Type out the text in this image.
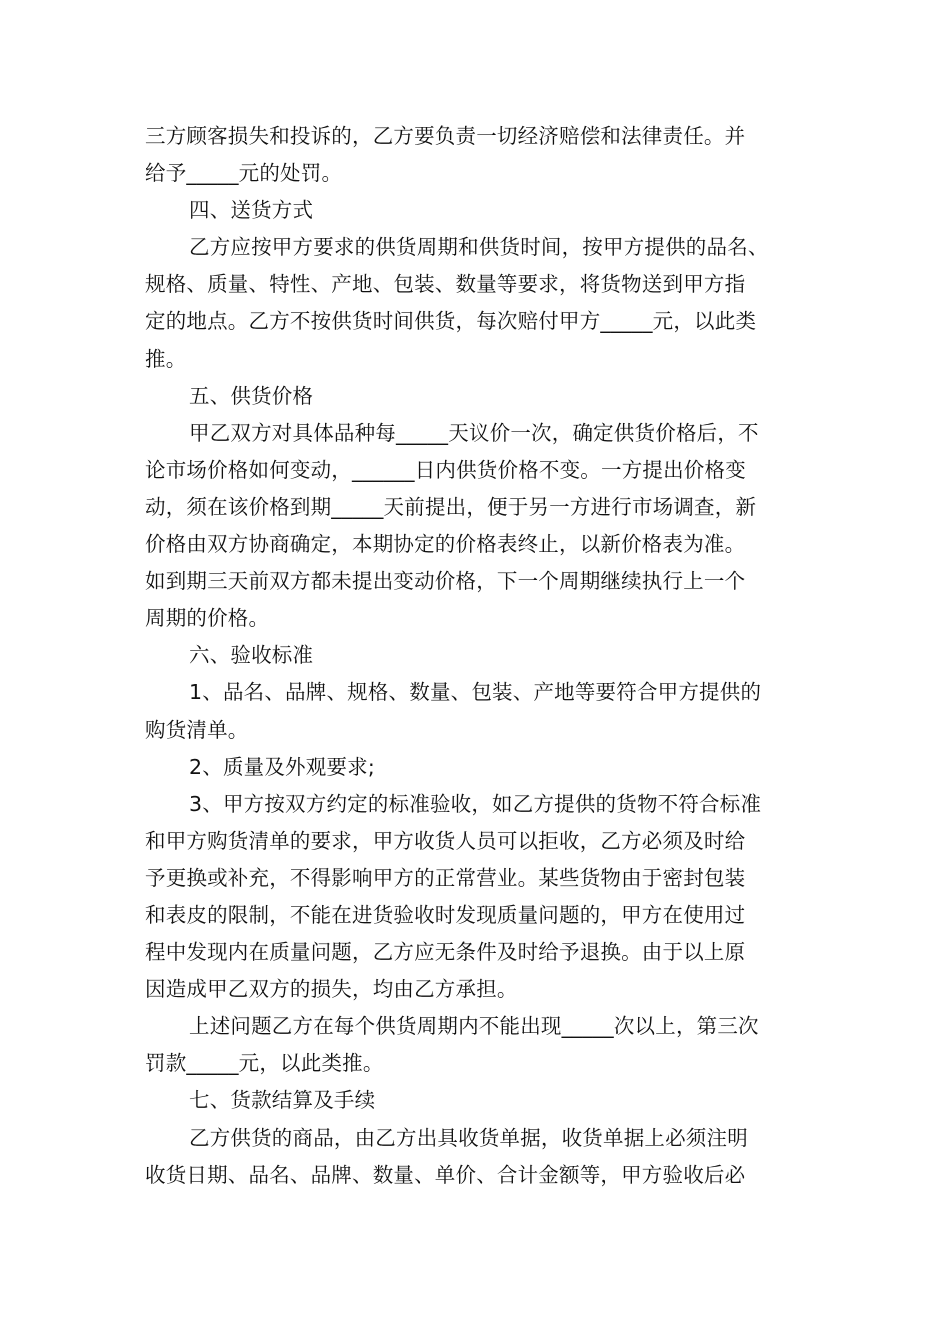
三方顾客损失和投诉的，乙方要负责一切经济赔偿和法律责任。并
给予_____元的处罚。
四、送货方式
乙方应按甲方要求的供货周期和供货时间，按甲方提供的品名、
规格、质量、特性、产地、包装、数量等要求，将货物送到甲方指
定的地点。乙方不按供货时间供货，每次赔付甲方_____元，以此类
推。
五、供货价格
甲乙双方对具体品种每_____天议价一次，确定供货价格后，不
论市场价格如何变动，______日内供货价格不变。一方提出价格变
动，须在该价格到期_____天前提出，便于另一方进行市场调查，新
价格由双方协商确定，本期协定的价格表终止，以新价格表为准。
如到期三天前双方都未提出变动价格，下一个周期继续执行上一个
周期的价格。
六、验收标准
1、品名、品牌、规格、数量、包装、产地等要符合甲方提供的
购货清单。
2、质量及外观要求;
3、甲方按双方约定的标准验收，如乙方提供的货物不符合标准
和甲方购货清单的要求，甲方收货人员可以拒收，乙方必须及时给
予更换或补充，不得影响甲方的正常营业。某些货物由于密封包装
和表皮的限制，不能在进货验收时发现质量问题的，甲方在使用过
程中发现内在质量问题，乙方应无条件及时给予退换。由于以上原
因造成甲乙双方的损失，均由乙方承担。
上述问题乙方在每个供货周期内不能出现_____次以上，第三次
罚款_____元，以此类推。
七、货款结算及手续
乙方供货的商品，由乙方出具收货单据，收货单据上必须注明
收货日期、品名、品牌、数量、单价、合计金额等，甲方验收后必
